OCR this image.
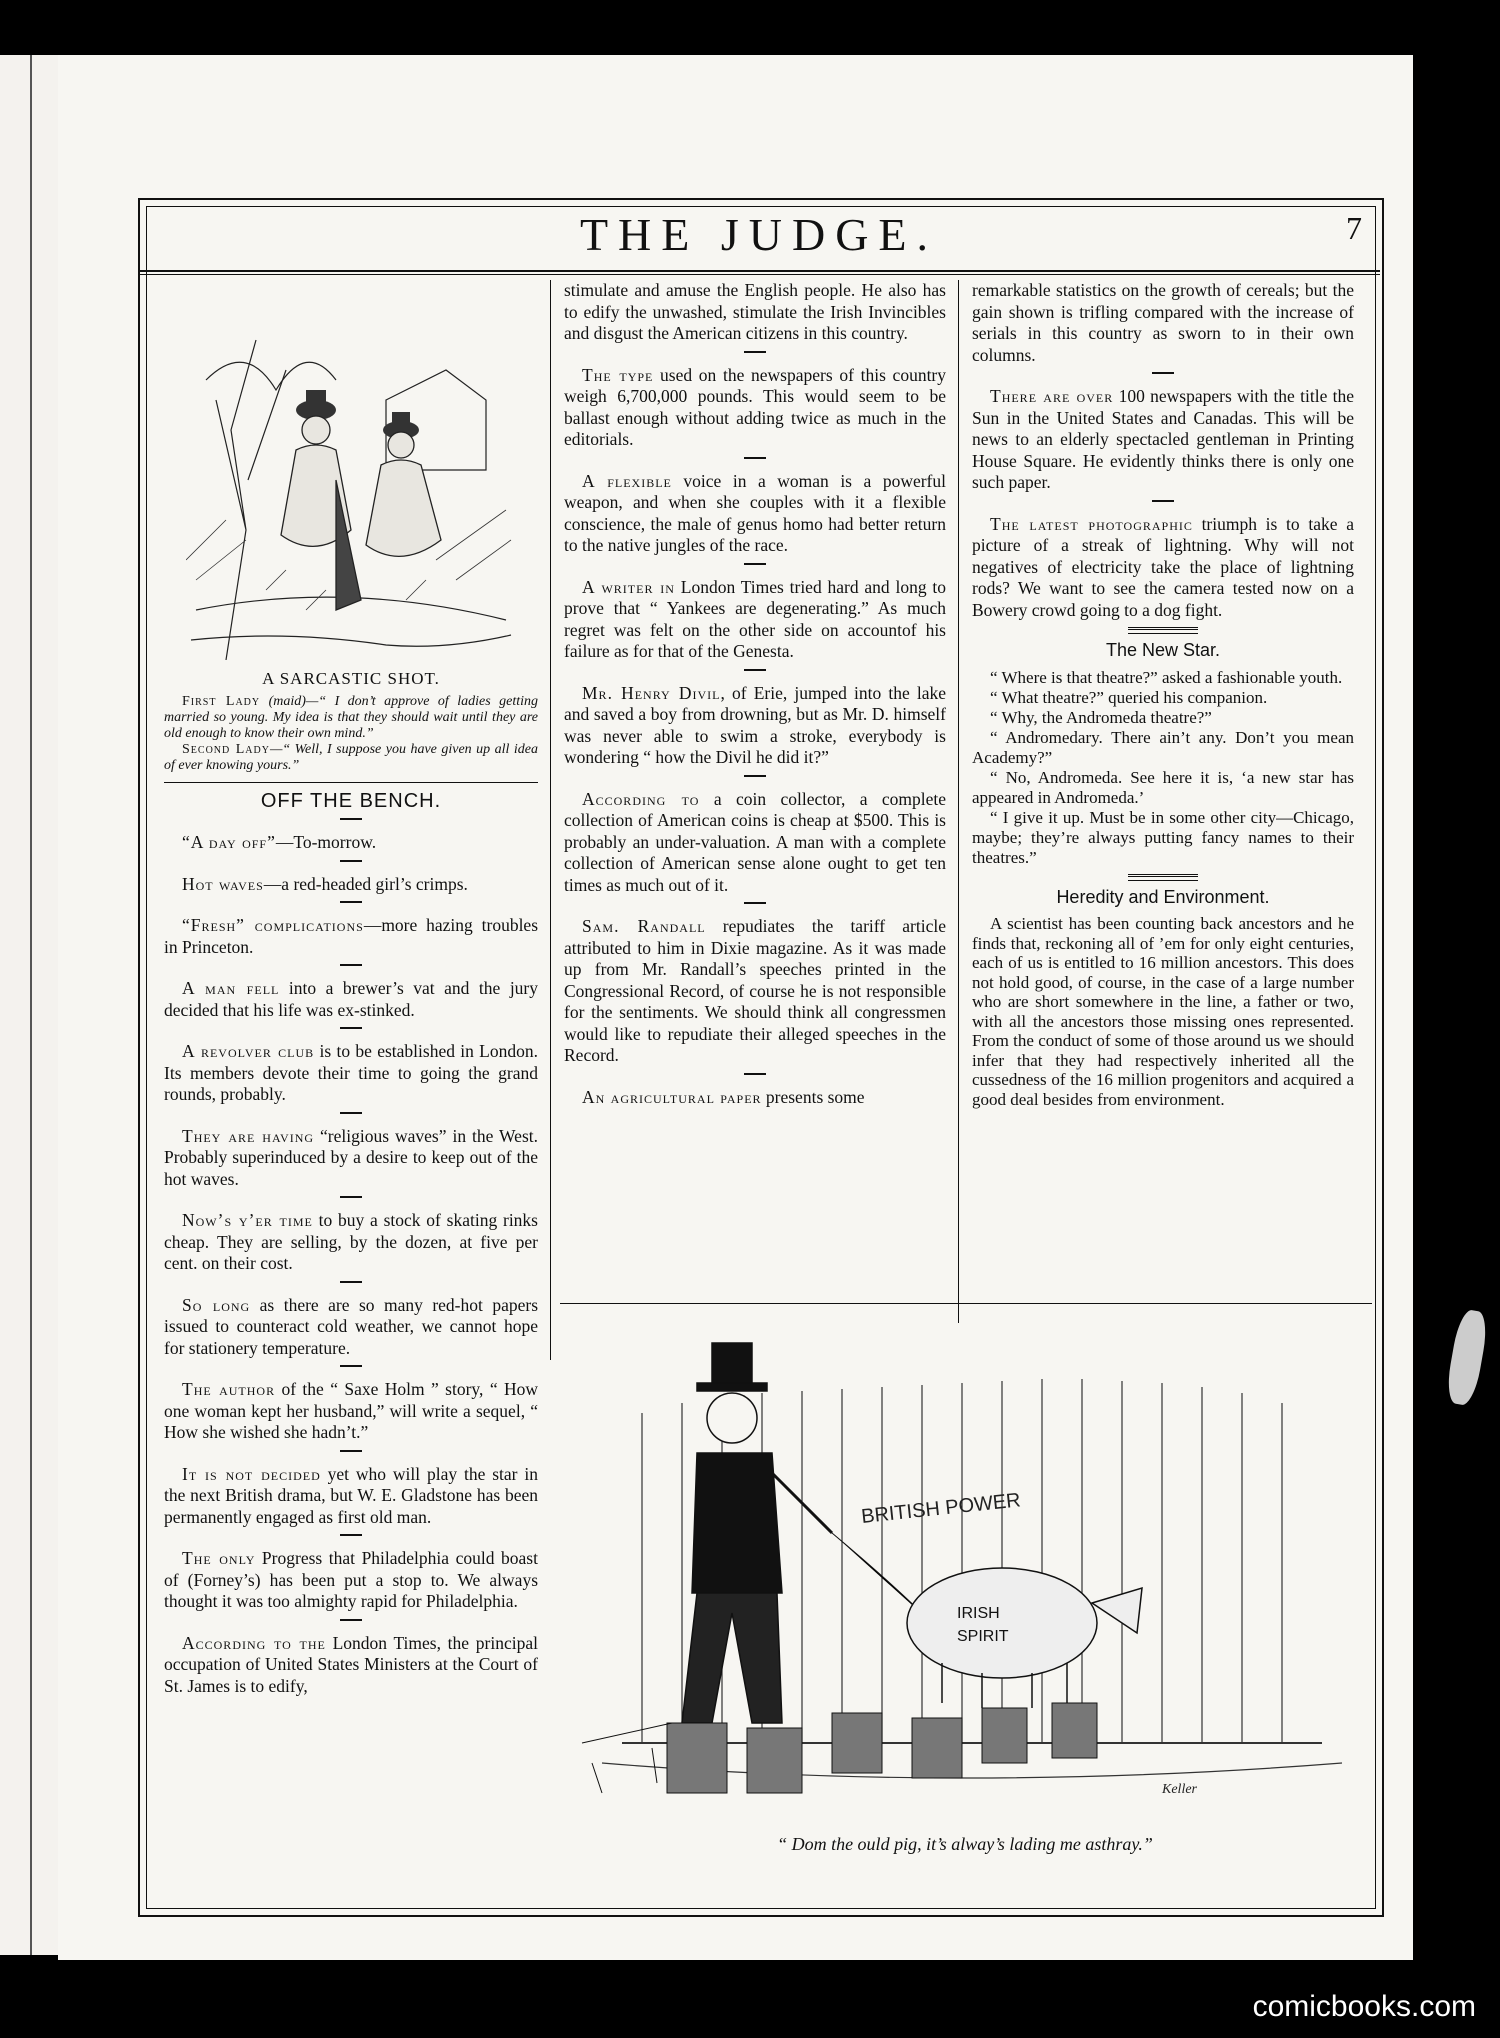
THE JUDGE.	7
A SARCASTIC SHOT.
First Lady (maid)—“ I don’t approve of ladies getting married so young. My idea is that they should wait until they are old enough to know their own mind.”
Second Lady—“ Well, I suppose you have given up all idea of ever knowing yours.”
OFF THE BENCH.

“A day off”—To-morrow.

Hot waves—a red-headed girl’s crimps.

“Fresh” complications—more hazing troubles in Princeton.

A man fell into a brewer’s vat and the jury decided that his life was ex-stinked.

A revolver club is to be established in London. Its members devote their time to going the grand rounds, probably.

They are having “religious waves” in the West. Probably superinduced by a desire to keep out of the hot waves.

Now’s y’er time to buy a stock of skating rinks cheap. They are selling, by the dozen, at five per cent. on their cost.

So long as there are so many red-hot papers issued to counteract cold weather, we cannot hope for stationery temperature.

The author of the “ Saxe Holm ” story, “ How one woman kept her husband,” will write a sequel, “ How she wished she hadn’t.”

It is not decided yet who will play the star in the next British drama, but W. E. Gladstone has been permanently engaged as first old man.

The only Progress that Philadelphia could boast of (Forney’s) has been put a stop to. We always thought it was too almighty rapid for Philadelphia.

According to the London Times, the principal occupation of United States Ministers at the Court of St. James is to edify,

stimulate and amuse the English people. He also has to edify the unwashed, stimulate the Irish Invincibles and disgust the American citizens in this country.

The type used on the newspapers of this country weigh 6,700,000 pounds. This would seem to be ballast enough without adding twice as much in the editorials.

A flexible voice in a woman is a powerful weapon, and when she couples with it a flexible conscience, the male of genus homo had better return to the native jungles of the race.

A writer in London Times tried hard and long to prove that “ Yankees are degenerating.” As much regret was felt on the other side on accountof his failure as for that of the Genesta.

Mr. Henry Divil, of Erie, jumped into the lake and saved a boy from drowning, but as Mr. D. himself was never able to swim a stroke, everybody is wondering “ how the Divil he did it?”

According to a coin collector, a complete collection of American coins is cheap at $500. This is probably an under-valuation. A man with a complete collection of American sense alone ought to get ten times as much out of it.

Sam. Randall repudiates the tariff article attributed to him in Dixie magazine. As it was made up from Mr. Randall’s speeches printed in the Congressional Record, of course he is not responsible for the sentiments. We should think all congressmen would like to repudiate their alleged speeches in the Record.

An agricultural paper presents some

remarkable statistics on the growth of cereals; but the gain shown is trifling compared with the increase of serials in this country as sworn to in their own columns.

There are over 100 newspapers with the title the Sun in the United States and Canadas. This will be news to an elderly spectacled gentleman in Printing House Square. He evidently thinks there is only one such paper.

The latest photographic triumph is to take a picture of a streak of lightning. Why will not negatives of electricity take the place of lightning rods? We want to see the camera tested now on a Bowery crowd going to a dog fight.

The New Star.

“ Where is that theatre?” asked a fashionable youth.

“ What theatre?” queried his companion.

“ Why, the Andromeda theatre?”

“ Andromedary. There ain’t any. Don’t you mean Academy?”

“ No, Andromeda. See here it is, ‘a new star has appeared in Andromeda.’

“ I give it up. Must be in some other city—Chicago, maybe; they’re always putting fancy names to their theatres.”

Heredity and Environment.

A scientist has been counting back ancestors and he finds that, reckoning all of ’em for only eight centuries, each of us is entitled to 16 million ancestors. This does not hold good, of course, in the case of a large number who are short somewhere in the line, a father or two, with all the ancestors those missing ones represented. From the conduct of some of those around us we should infer that they had respectively inherited all the cussedness of the 16 million progenitors and acquired a good deal besides from environment.

BRITISH POWER
IRISH
SPIRIT
Keller
“ Dom the ould pig, it’s alway’s lading me asthray.”
comicbooks.com
